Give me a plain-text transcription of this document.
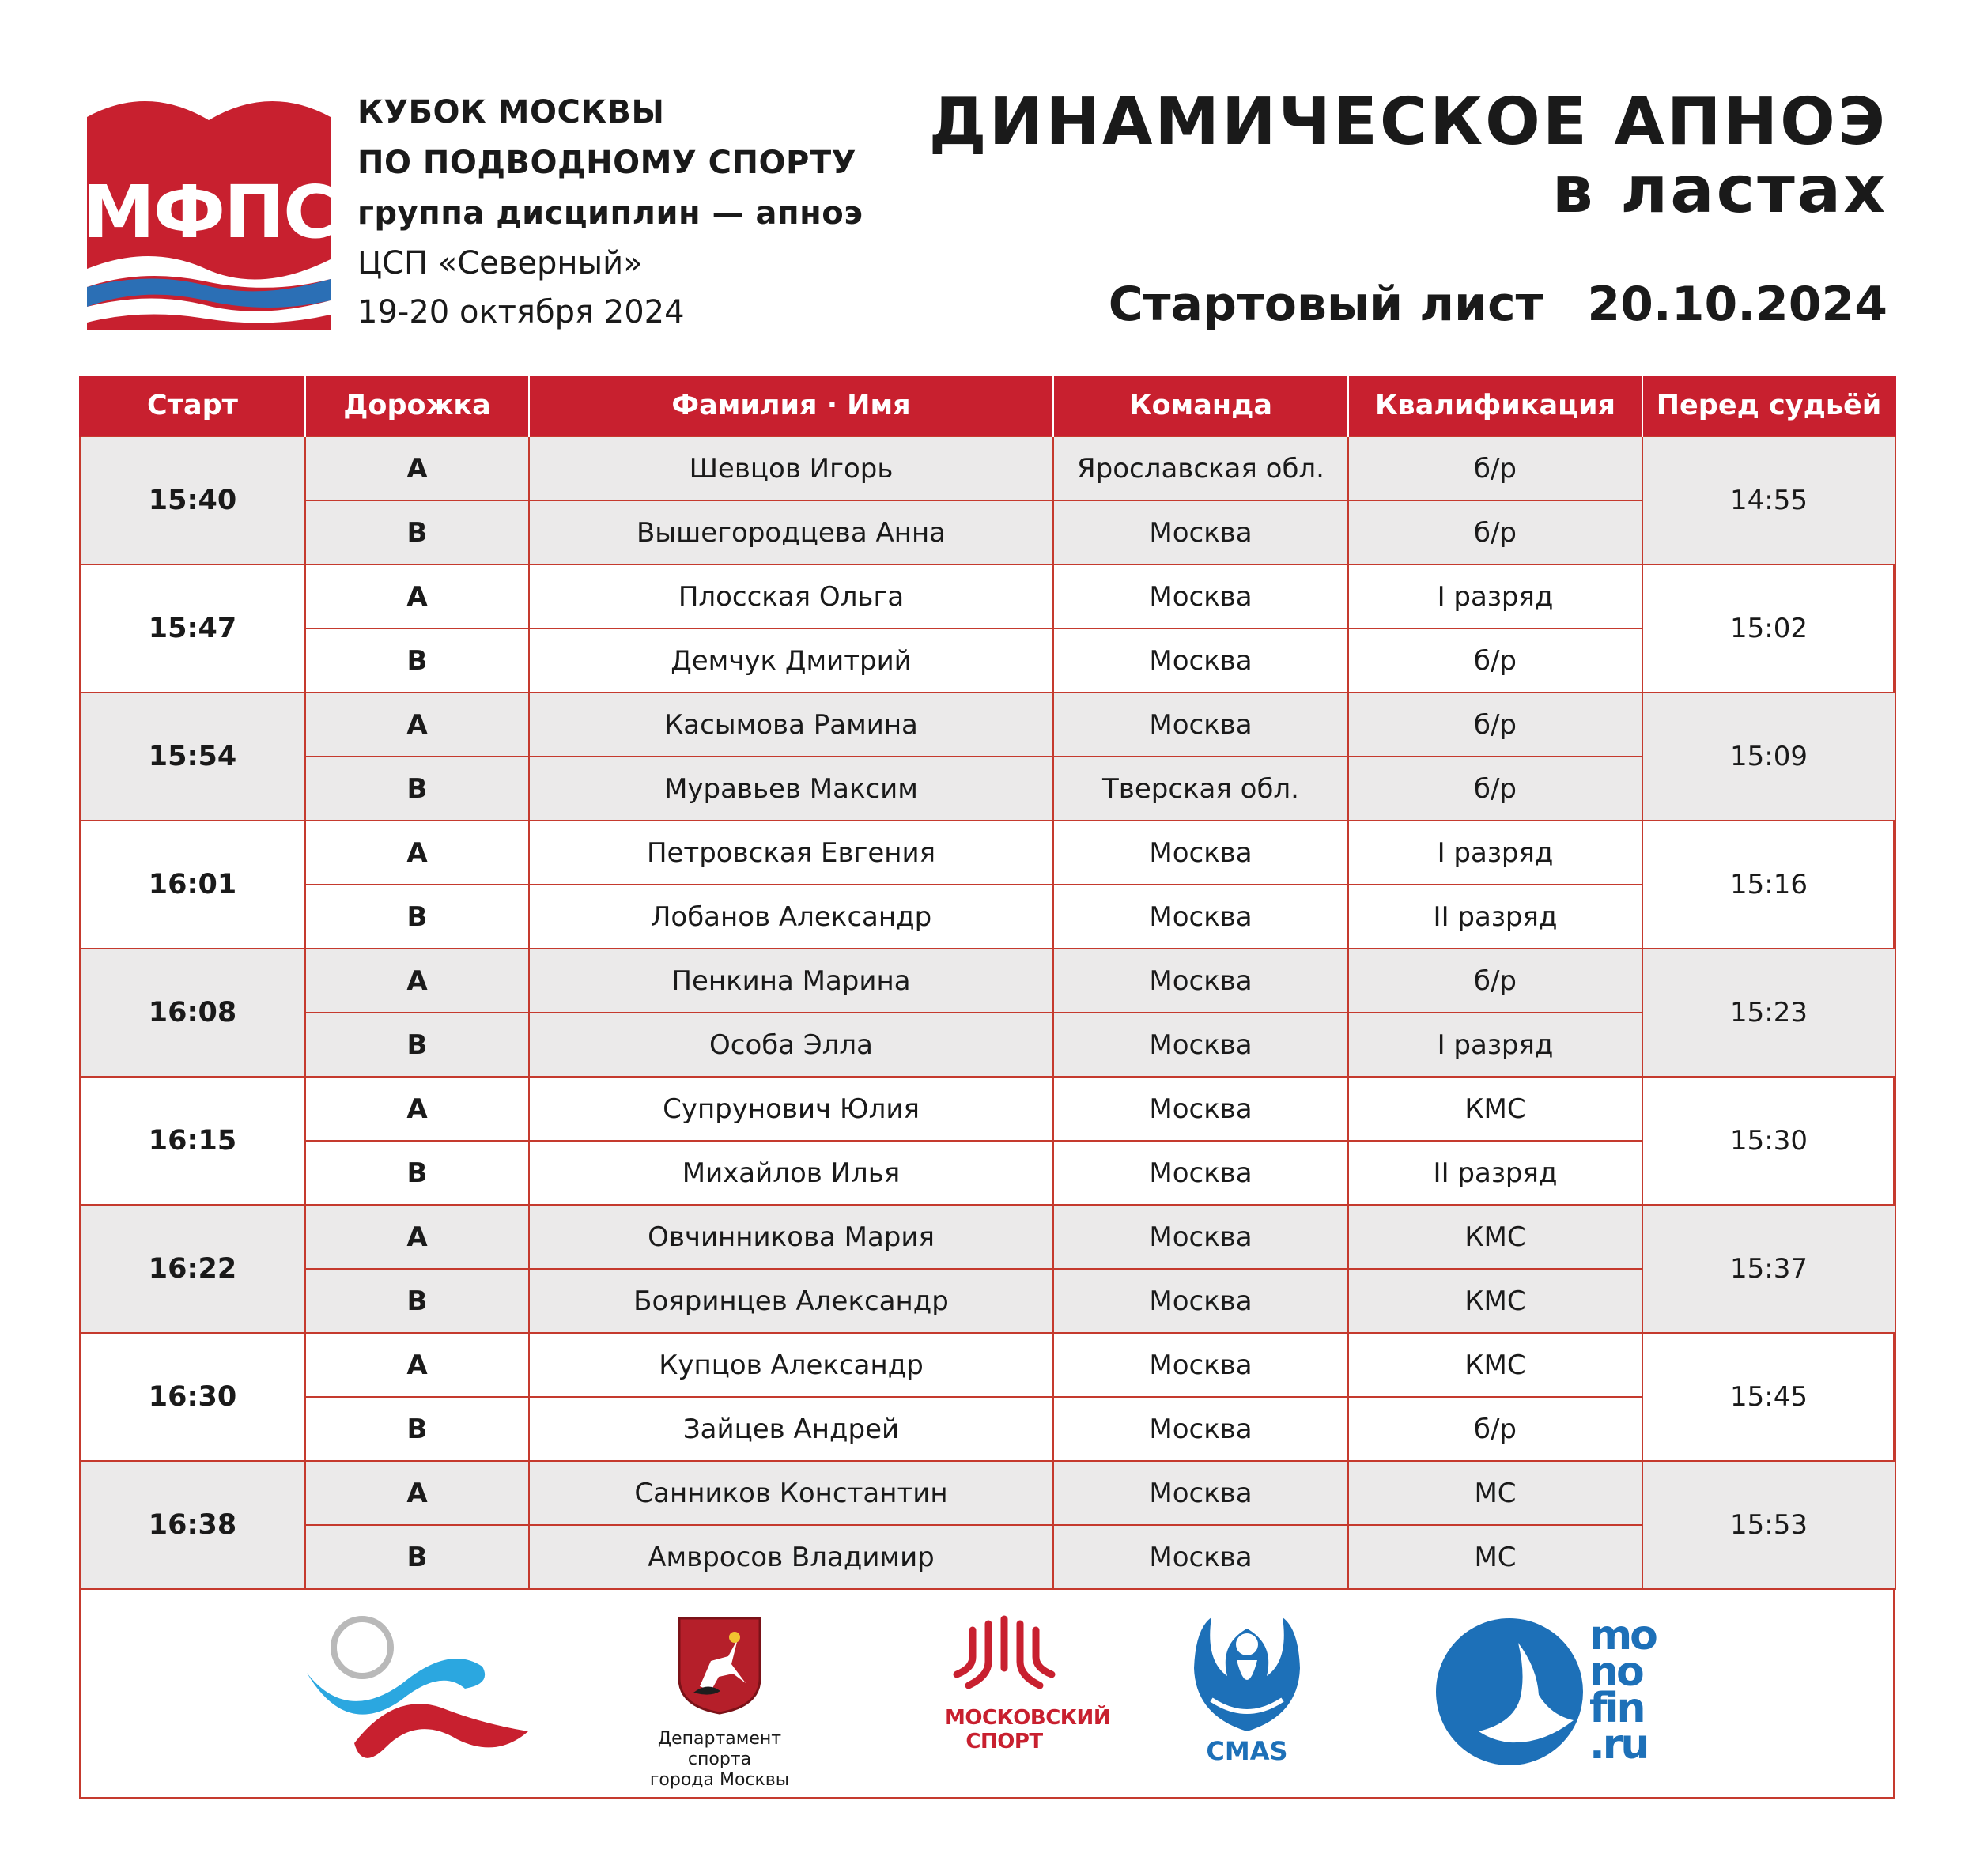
МФПС
КУБОК МОСКВЫ
ПО ПОДВОДНОМУ СПОРТУ
группа дисциплин — апноэ
ЦСП «Северный»
19-20 октября 2024
ДИНАМИЧЕСКОЕ АПНОЭ
в ластах
Стартовый лист 20.10.2024
Старт	Дорожка	Фамилия · Имя	Команда	Квалификация	Перед судьёй
15:40	A	Шевцов Игорь	Ярославская обл.	б/р	14:55
	B	Вышегородцева Анна	Москва	б/р	
15:47	A	Плосская Ольга	Москва	I разряд	15:02
	B	Демчук Дмитрий	Москва	б/р	
15:54	A	Касымова Рамина	Москва	б/р	15:09
	B	Муравьев Максим	Тверская обл.	б/р	
16:01	A	Петровская Евгения	Москва	I разряд	15:16
	B	Лобанов Александр	Москва	II разряд	
16:08	A	Пенкина Марина	Москва	б/р	15:23
	B	Особа Элла	Москва	I разряд	
16:15	A	Супрунович Юлия	Москва	КМС	15:30
	B	Михайлов Илья	Москва	II разряд	
16:22	A	Овчинникова Мария	Москва	КМС	15:37
	B	Бояринцев Александр	Москва	КМС	
16:30	A	Купцов Александр	Москва	КМС	15:45
	B	Зайцев Андрей	Москва	б/р	
16:38	A	Санников Константин	Москва	МС	15:53
	B	Амвросов Владимир	Москва	МС	
Департамент спорта
города Москвы
МОСКОВСКИЙ
СПОРТ	CMAS
mo
no
fin
.ru
